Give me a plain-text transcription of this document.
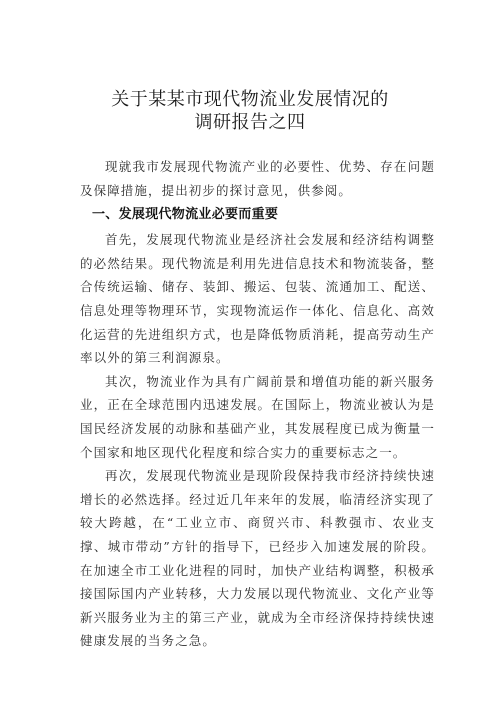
关于某某市现代物流业发展情况的
调研报告之四

现就我市发展现代物流产业的必要性、优势、存在问题及保障措施，提出初步的探讨意见，供参阅。

一、发展现代物流业必要而重要

首先，发展现代物流业是经济社会发展和经济结构调整的必然结果。现代物流是利用先进信息技术和物流装备，整合传统运输、储存、装卸、搬运、包装、流通加工、配送、信息处理等物理环节，实现物流运作一体化、信息化、高效化运营的先进组织方式，也是降低物质消耗，提高劳动生产率以外的第三利润源泉。

其次，物流业作为具有广阔前景和增值功能的新兴服务业，正在全球范围内迅速发展。在国际上，物流业被认为是国民经济发展的动脉和基础产业，其发展程度已成为衡量一个国家和地区现代化程度和综合实力的重要标志之一。

再次，发展现代物流业是现阶段保持我市经济持续快速增长的必然选择。经过近几年来年的发展，临清经济实现了较大跨越，在“工业立市、商贸兴市、科教强市、农业支撑、城市带动”方针的指导下，已经步入加速发展的阶段。在加速全市工业化进程的同时，加快产业结构调整，积极承接国际国内产业转移，大力发展以现代物流业、文化产业等新兴服务业为主的第三产业，就成为全市经济保持持续快速健康发展的当务之急。
